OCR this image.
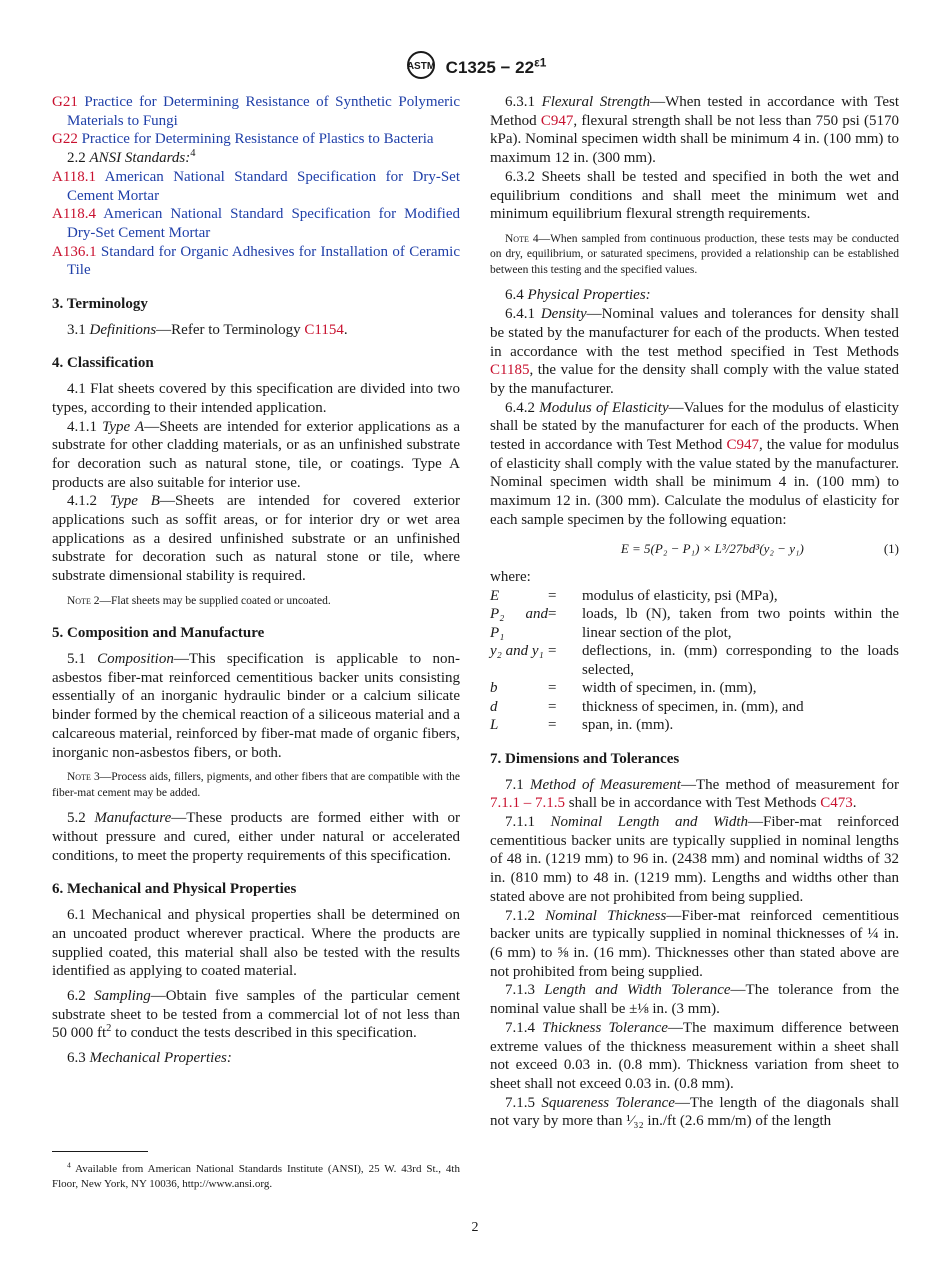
ASTM $C1325 - 22^{\varepsilon 1}$

G21 Practice for Determining Resistance of Synthetic Polymeric Materials to Fungi

G22 Practice for Determining Resistance of Plastics to Bacteria

2.2 ANSI Standards:$^4$

A118.1 American National Standard Specification for Dry-Set Cement Mortar

A118.4 American National Standard Specification for Modified Dry-Set Cement Mortar

A136.1 Standard for Organic Adhesives for Installation of Ceramic Tile

3. Terminology

3.1 Definitions—Refer to Terminology C1154.

4. Classification

4.1 Flat sheets covered by this specification are divided into two types, according to their intended application.

4.1.1 Type A—Sheets are intended for exterior applications as a substrate for other cladding materials, or as an unfinished substrate for decoration such as natural stone, tile, or coatings. Type A products are also suitable for interior use.

4.1.2 Type B—Sheets are intended for covered exterior applications such as soffit areas, or for interior dry or wet area applications as a desired unfinished substrate or an unfinished substrate for decoration such as natural stone or tile, where substrate dimensional stability is required.

Note 2—Flat sheets may be supplied coated or uncoated.

5. Composition and Manufacture

5.1 Composition—This specification is applicable to non-asbestos fiber-mat reinforced cementitious backer units consisting essentially of an inorganic hydraulic binder or a calcium silicate binder formed by the chemical reaction of a siliceous material and a calcareous material, reinforced by fiber-mat made of organic fibers, inorganic non-asbestos fibers, or both.

Note 3—Process aids, fillers, pigments, and other fibers that are compatible with the fiber-mat cement may be added.

5.2 Manufacture—These products are formed either with or without pressure and cured, either under natural or accelerated conditions, to meet the property requirements of this specification.

6. Mechanical and Physical Properties

6.1 Mechanical and physical properties shall be determined on an uncoated product wherever practical. Where the products are supplied coated, this material shall also be tested with the results identified as applying to coated material.

6.2 Sampling—Obtain five samples of the particular cement substrate sheet to be tested from a commercial lot of not less than 50 000 $ft^2$ to conduct the tests described in this specification.

6.3 Mechanical Properties:

$^4$ Available from American National Standards Institute (ANSI), 25 W. 43rd St., 4th Floor, New York, NY 10036, http://www.ansi.org.

6.3.1 Flexural Strength—When tested in accordance with Test Method C947, flexural strength shall be not less than 750 psi (5170 kPa). Nominal specimen width shall be minimum 4 in. (100 mm) to maximum 12 in. (300 mm).

6.3.2 Sheets shall be tested and specified in both the wet and equilibrium conditions and shall meet the minimum wet and minimum equilibrium flexural strength requirements.

Note 4—When sampled from continuous production, these tests may be conducted on dry, equilibrium, or saturated specimens, provided a relationship can be established between this testing and the specified values.

6.4 Physical Properties:

6.4.1 Density—Nominal values and tolerances for density shall be stated by the manufacturer for each of the products. When tested in accordance with the test method specified in Test Methods C1185, the value for the density shall comply with the value stated by the manufacturer.

6.4.2 Modulus of Elasticity—Values for the modulus of elasticity shall be stated by the manufacturer for each of the products. When tested in accordance with Test Method C947, the value for modulus of elasticity shall comply with the value stated by the manufacturer. Nominal specimen width shall be minimum 4 in. (100 mm) to maximum 12 in. (300 mm). Calculate the modulus of elasticity for each sample specimen by the following equation:

E = 5(P₂ − P₁) × L³/27bd³(y₂ − y₁)	(1)

where:

E	=	modulus of elasticity, psi (MPa),
P₂ and P₁	=	loads, lb (N), taken from two points within the linear section of the plot,
y₂ and y₁	=	deflections, in. (mm) corresponding to the loads selected,
b	=	width of specimen, in. (mm),
d	=	thickness of specimen, in. (mm), and
L	=	span, in. (mm).
7. Dimensions and Tolerances

7.1 Method of Measurement—The method of measurement for 7.1.1 – 7.1.5 shall be in accordance with Test Methods C473.

7.1.1 Nominal Length and Width—Fiber-mat reinforced cementitious backer units are typically supplied in nominal lengths of 48 in. (1219 mm) to 96 in. (2438 mm) and nominal widths of 32 in. (810 mm) to 48 in. (1219 mm). Lengths and widths other than stated above are not prohibited from being supplied.

7.1.2 Nominal Thickness—Fiber-mat reinforced cementitious backer units are typically supplied in nominal thicknesses of ¼ in. (6 mm) to ⅝ in. (16 mm). Thicknesses other than stated above are not prohibited from being supplied.

7.1.3 Length and Width Tolerance—The tolerance from the nominal value shall be ±⅛ in. (3 mm).

7.1.4 Thickness Tolerance—The maximum difference between extreme values of the thickness measurement within a sheet shall not exceed 0.03 in. (0.8 mm). Thickness variation from sheet to sheet shall not exceed 0.03 in. (0.8 mm).

7.1.5 Squareness Tolerance—The length of the diagonals shall not vary by more than ¹⁄₃₂ in./ft (2.6 mm/m) of the length

2
